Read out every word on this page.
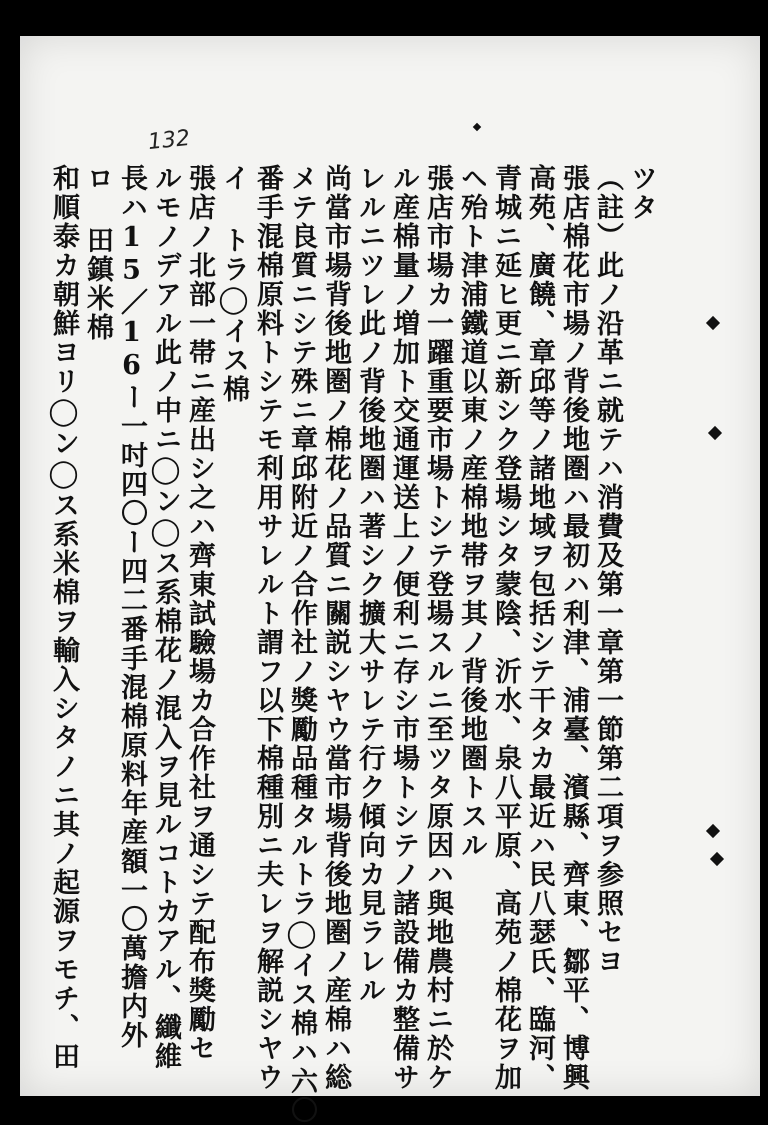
132
ツタ
（註）此ノ沿革ニ就テハ消費及第一章第一節第二項ヲ参照セヨ
張店棉花市場ノ背後地圏ハ最初ハ利津、浦臺、濱縣、齊東、鄒平、博興
高苑、廣饒、章邱等ノ諸地域ヲ包括シテ干タカ最近ハ民八瑟氏、臨河、
青城ニ延ヒ更ニ新シク登場シタ蒙陰、沂水、泉八平原、高苑ノ棉花ヲ加
ヘ殆ト津浦鐵道以東ノ産棉地帯ヲ其ノ背後地圏トスル
張店市場カ一躍重要市場トシテ登場スルニ至ツタ原因ハ與地農村ニ於ケ
ル産棉量ノ増加ト交通運送上ノ便利ニ存シ市場トシテノ諸設備カ整備サ
レルニツレ此ノ背後地圏ハ著シク擴大サレテ行ク傾向カ見ラレル
尚當市場背後地圏ノ棉花ノ品質ニ關説シヤウ當市場背後地圏ノ産棉ハ総
メテ良質ニシテ殊ニ章邱附近ノ合作社ノ獎勵品種タルトラ◯イス棉ハ六〇
番手混棉原料トシテモ利用サレルト謂フ以下棉種別ニ夫レヲ解説シヤウ
イ トラ◯イス棉
張店ノ北部一帯ニ産出シ之ハ齊東試驗場カ合作社ヲ通シテ配布獎勵セ
ルモノデアル此ノ中ニ◯ン◯ス系棉花ノ混入ヲ見ルコトカアル、纖維
長ハ15／16ー一吋四〇ー四二番手混棉原料年産額一〇萬擔内外
ロ 田鎮米棉
和順泰カ朝鮮ヨリ◯ン◯ス系米棉ヲ輸入シタノニ其ノ起源ヲモチ、田
